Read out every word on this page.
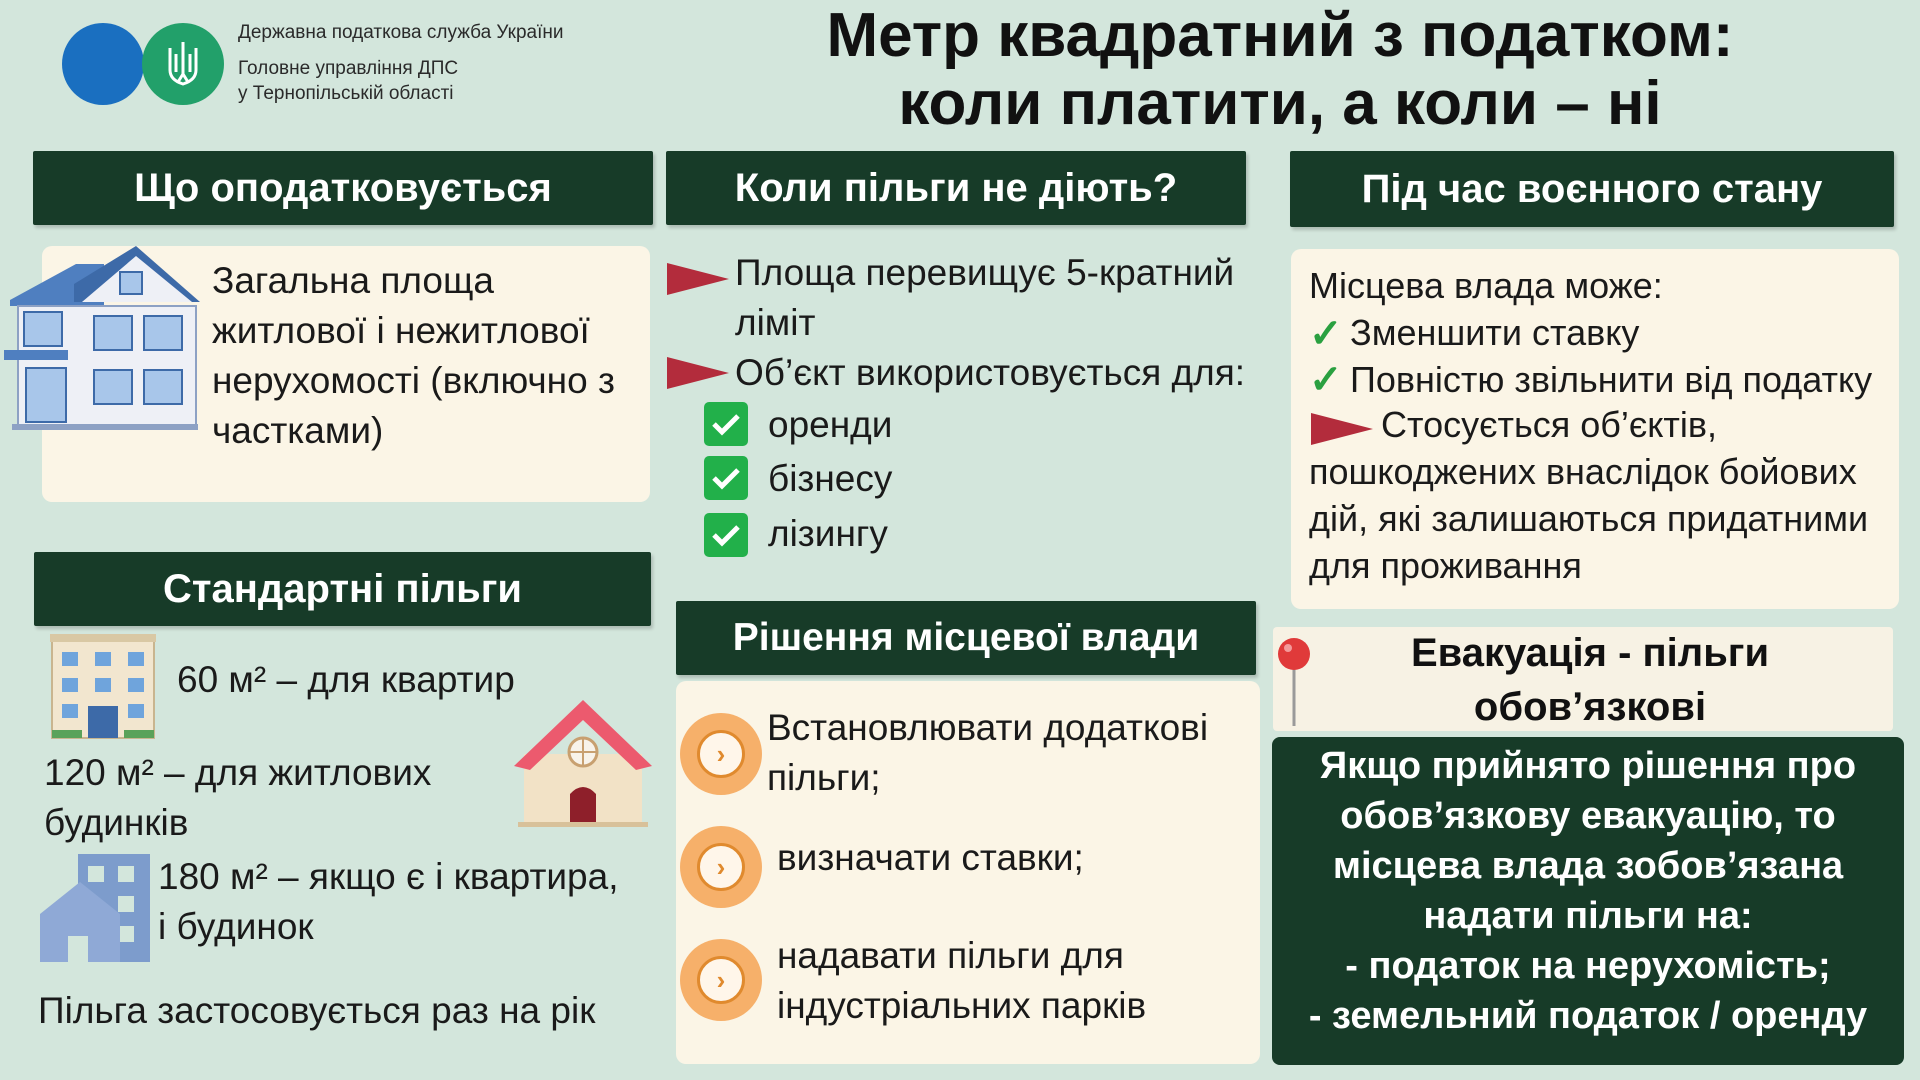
Державна податкова служба України
Головне управління ДПС
у Тернопільській області
Метр квадратний з податком:
коли платити, а коли – ні
Що оподатковується
Загальна площа
житлової і нежитлової
нерухомості (включно з
частками)
Стандартні пільги
60 м² – для квартир
120 м² – для житлових
будинків
180 м² – якщо є і квартира,
і будинок
Пільга застосовується раз на рік
Коли пільги не діють?
Площа перевищує 5-кратний
ліміт
Об’єкт використовується для:
оренди
бізнесу
лізингу
Рішення місцевої влади
›
Встановлювати додаткові
пільги;
›	визначати ставки;
›
надавати пільги для
індустріальних парків
Під час воєнного стану
Місцева влада може:
✓ Зменшити ставку
✓ Повністю звільнити від податку
Стосується об’єктів,
пошкоджених внаслідок бойових
дій, які залишаються придатними
для проживання
Евакуація - пільги
обов’язкові
Якщо прийнято рішення про
обов’язкову евакуацію, то
місцева влада зобов’язана
надати пільги на:
- податок на нерухомість;
- земельний податок / оренду
